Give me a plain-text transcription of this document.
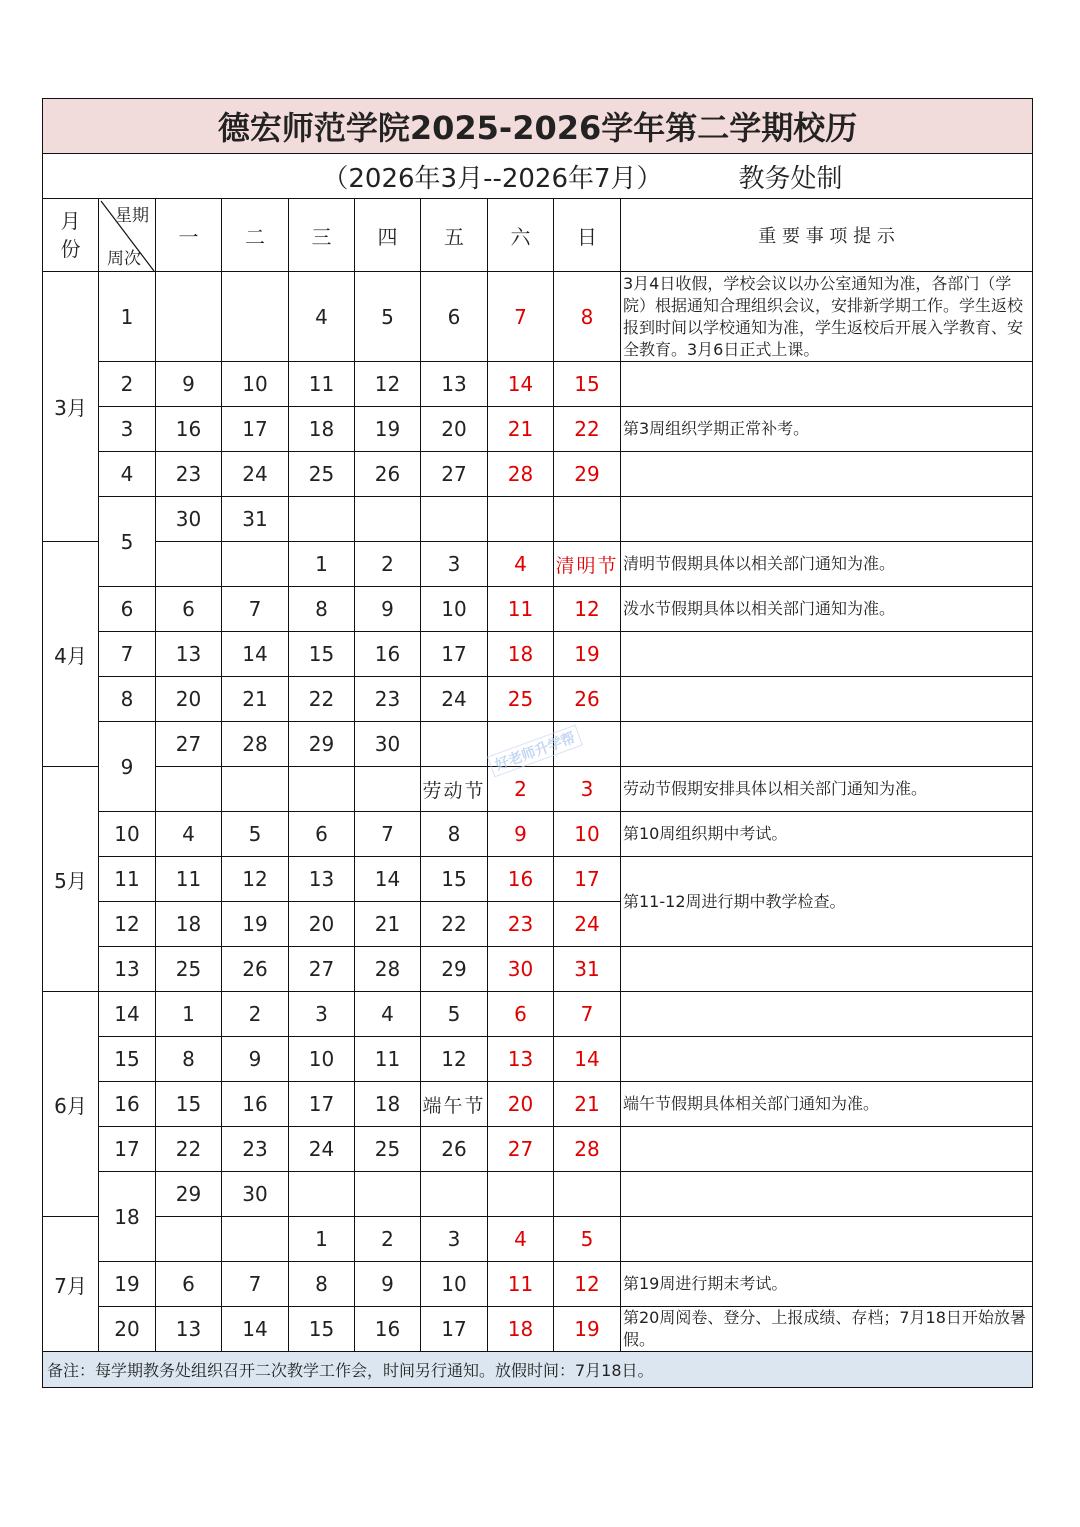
德宏师范学院2025-2026学年第二学期校历									
（2026年3月--2026年7月） 教务处制									

月份	星期
周次	一	二	三	四	五	六	日	重 要 事 项 提 示
3月	1			4	5	6	7	8	3月4日收假，学校会议以办公室通知为准，各部门（学院）根据通知合理组织会议，安排新学期工作。学生返校报到时间以学校通知为准，学生返校后开展入学教育、安全教育。3月6日正式上课。
	2	9	10	11	12	13	14	15	
	3	16	17	18	19	20	21	22	第3周组织学期正常补考。
	4	23	24	25	26	27	28	29	
	5	30	31						
4月				1	2	3	4	清明节	清明节假期具体以相关部门通知为准。
	6	6	7	8	9	10	11	12	泼水节假期具体以相关部门通知为准。
	7	13	14	15	16	17	18	19	
	8	20	21	22	23	24	25	26	
	9	27	28	29	30				
5月						劳动节	2	3	劳动节假期安排具体以相关部门通知为准。
	10	4	5	6	7	8	9	10	第10周组织期中考试。
	11	11	12	13	14	15	16	17	第11-12周进行期中教学检查。
	12	18	19	20	21	22	23	24	
	13	25	26	27	28	29	30	31	
6月	14	1	2	3	4	5	6	7	
	15	8	9	10	11	12	13	14	
	16	15	16	17	18	端午节	20	21	端午节假期具体相关部门通知为准。
	17	22	23	24	25	26	27	28	
	18	29	30						
7月				1	2	3	4	5	
	19	6	7	8	9	10	11	12	第19周进行期末考试。
	20	13	14	15	16	17	18	19	第20周阅卷、登分、上报成绩、存档；7月18日开始放暑假。
备注：每学期教务处组织召开二次教学工作会，时间另行通知。放假时间：7月18日。									
好老师升学帮
